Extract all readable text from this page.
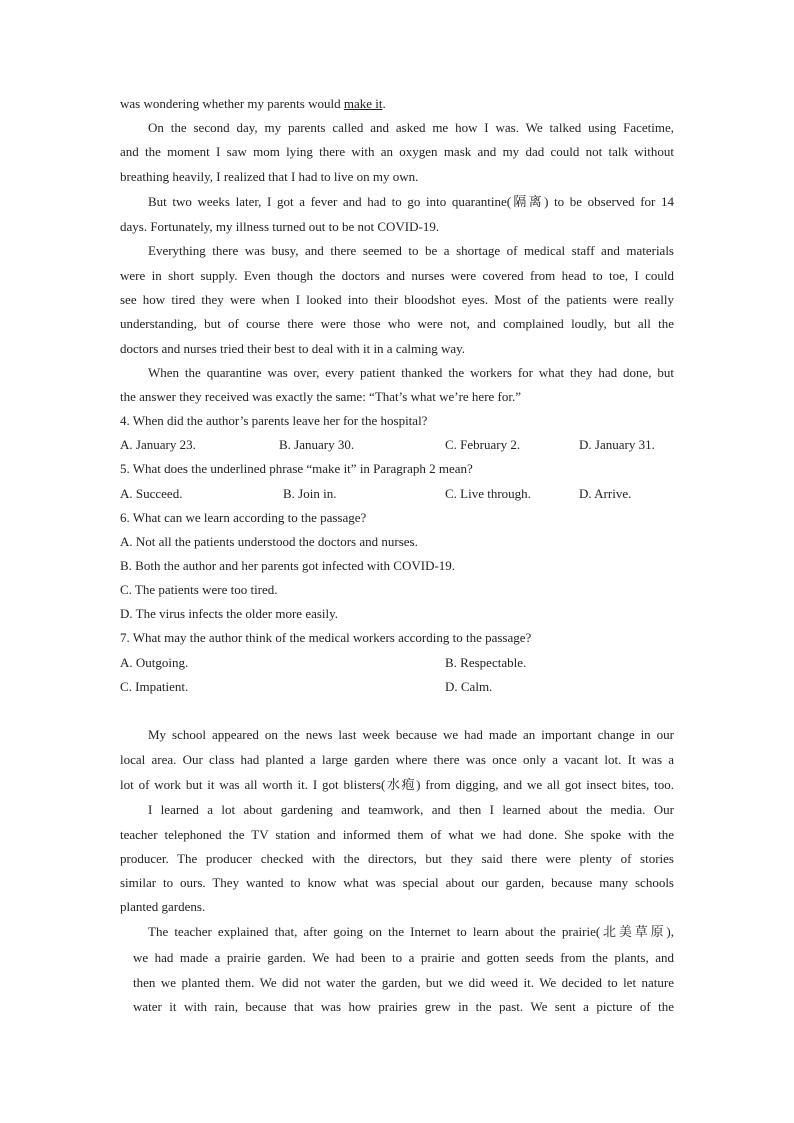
was wondering whether my parents would make it.
On the second day, my parents called and asked me how I was. We talked using Facetime,
and the moment I saw mom lying there with an oxygen mask and my dad could not talk without
breathing heavily, I realized that I had to live on my own.
But two weeks later, I got a fever and had to go into quarantine(隔离) to be observed for 14
days. Fortunately, my illness turned out to be not COVID-19.
Everything there was busy, and there seemed to be a shortage of medical staff and materials
were in short supply. Even though the doctors and nurses were covered from head to toe, I could
see how tired they were when I looked into their bloodshot eyes. Most of the patients were really
understanding, but of course there were those who were not, and complained loudly, but all the
doctors and nurses tried their best to deal with it in a calming way.
When the quarantine was over, every patient thanked the workers for what they had done, but
the answer they received was exactly the same: “That’s what we’re here for.”
4. When did the author’s parents leave her for the hospital?
A. January 23.	B. January 30.	C. February 2.	D. January 31.
5. What does the underlined phrase “make it” in Paragraph 2 mean?
A. Succeed.	B. Join in.	C. Live through.	D. Arrive.
6. What can we learn according to the passage?
A. Not all the patients understood the doctors and nurses.
B. Both the author and her parents got infected with COVID-19.
C. The patients were too tired.
D. The virus infects the older more easily.
7. What may the author think of the medical workers according to the passage?
A. Outgoing.	B. Respectable.
C. Impatient.	D. Calm.
My school appeared on the news last week because we had made an important change in our
local area. Our class had planted a large garden where there was once only a vacant lot. It was a
lot of work but it was all worth it. I got blisters(水疱) from digging, and we all got insect bites, too.
I learned a lot about gardening and teamwork, and then I learned about the media. Our
teacher telephoned the TV station and informed them of what we had done. She spoke with the
producer. The producer checked with the directors, but they said there were plenty of stories
similar to ours. They wanted to know what was special about our garden, because many schools
planted gardens.
The teacher explained that, after going on the Internet to learn about the prairie(北美草原),
we had made a prairie garden. We had been to a prairie and gotten seeds from the plants, and
then we planted them. We did not water the garden, but we did weed it. We decided to let nature
water it with rain, because that was how prairies grew in the past. We sent a picture of the
